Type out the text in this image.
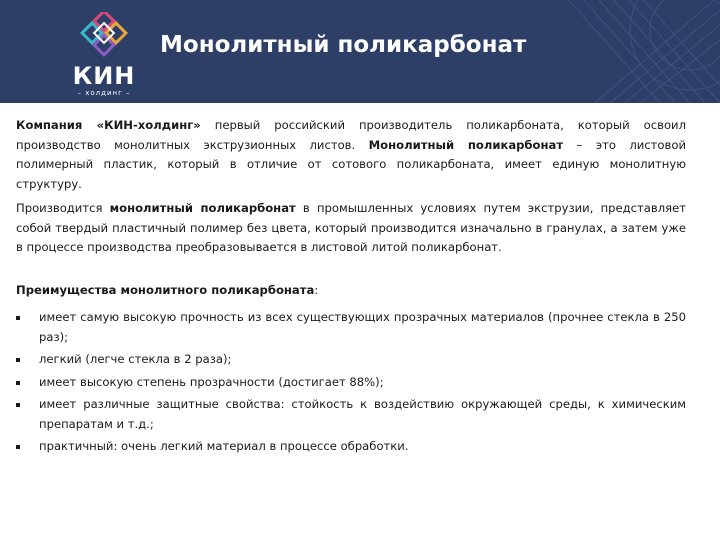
КИН
– холдинг –
Монолитный поликарбонат

Компания «КИН-холдинг» первый российский производитель поликарбоната, который освоил производство монолитных экструзионных листов. Монолитный поликарбонат – это листовой полимерный пластик, который в отличие от сотового поликарбоната, имеет единую монолитную структуру.

Производится монолитный поликарбонат в промышленных условиях путем экструзии, представляет собой твердый пластичный полимер без цвета, который производится изначально в гранулах, а затем уже в процессе производства преобразовывается в листовой литой поликарбонат.

Преимущества монолитного поликарбоната:
имеет самую высокую прочность из всех существующих прозрачных материалов (прочнее стекла в 250 раз);
легкий (легче стекла в 2 раза);
имеет высокую степень прозрачности (достигает 88%);
имеет различные защитные свойства: стойкость к воздействию окружающей среды, к химическим препаратам и т.д.;
практичный: очень легкий материал в процессе обработки.
